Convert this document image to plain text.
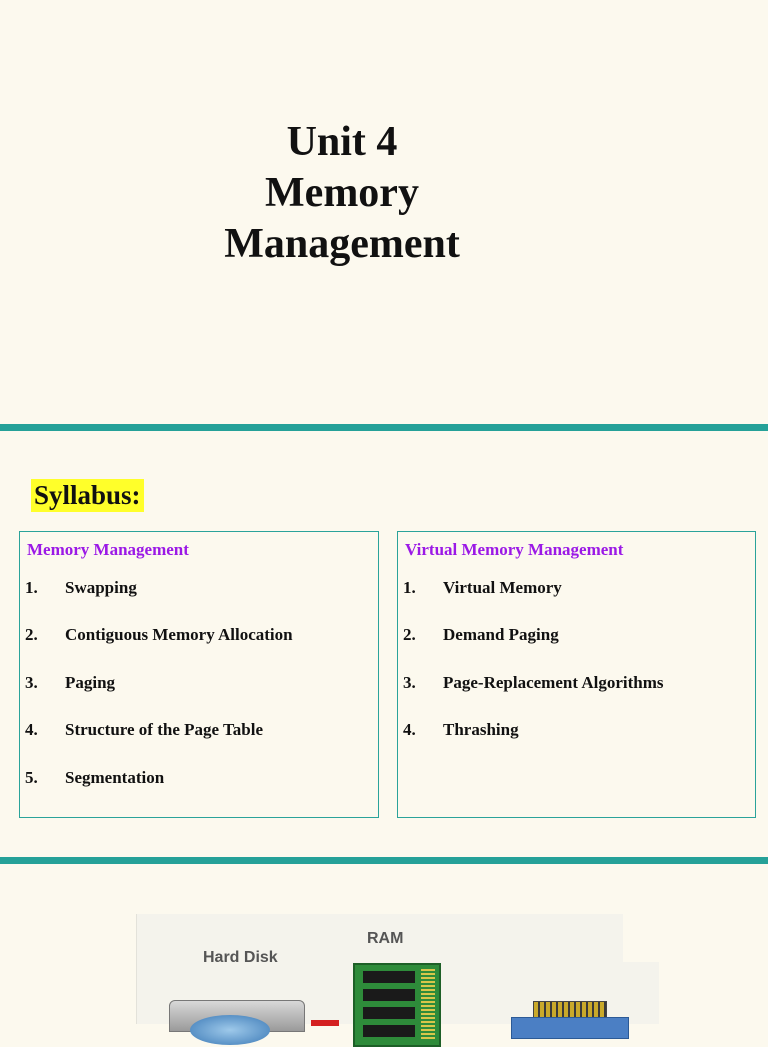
Unit 4
Memory
Management
Syllabus:
Memory Management
1. Swapping
2. Contiguous Memory Allocation
3. Paging
4. Structure of the Page Table
5. Segmentation
Virtual Memory Management
1. Virtual Memory
2. Demand Paging
3. Page-Replacement Algorithms
4. Thrashing
RAM
Hard Disk
